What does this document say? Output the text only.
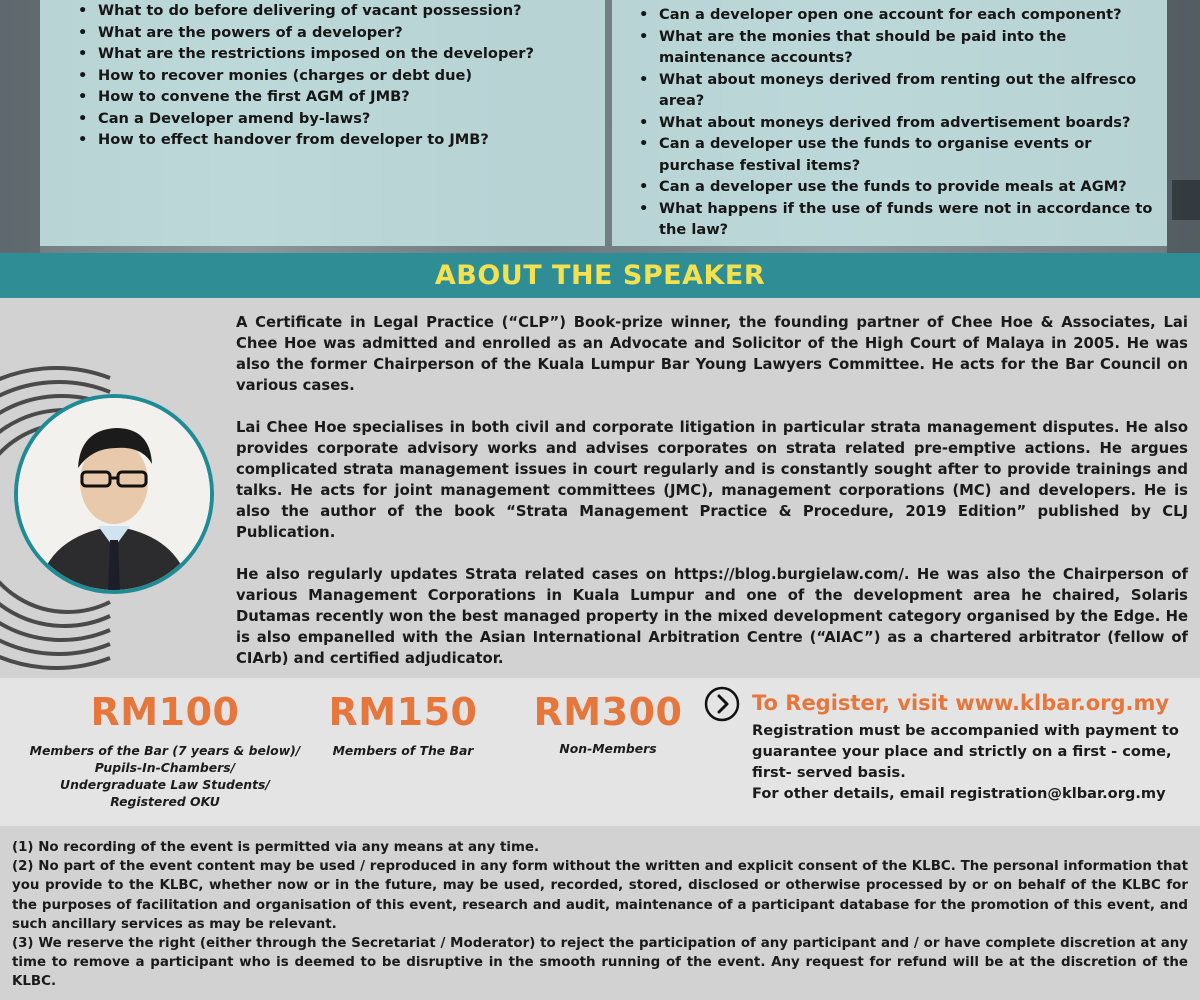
• What to do before delivering of vacant possession?
• What are the powers of a developer?
• What are the restrictions imposed on the developer?
• How to recover monies (charges or debt due)
• How to convene the first AGM of JMB?
• Can a Developer amend by-laws?
• How to effect handover from developer to JMB?
• Can a developer open one account for each component?
• What are the monies that should be paid into the maintenance accounts?
• What about moneys derived from renting out the alfresco area?
• What about moneys derived from advertisement boards?
• Can a developer use the funds to organise events or purchase festival items?
• Can a developer use the funds to provide meals at AGM?
• What happens if the use of funds were not in accordance to the law?
ABOUT THE SPEAKER

A Certificate in Legal Practice (“CLP”) Book-prize winner, the founding partner of Chee Hoe & Associates, Lai Chee Hoe was admitted and enrolled as an Advocate and Solicitor of the High Court of Malaya in 2005. He was also the former Chairperson of the Kuala Lumpur Bar Young Lawyers Committee. He acts for the Bar Council on various cases.

Lai Chee Hoe specialises in both civil and corporate litigation in particular strata management disputes. He also provides corporate advisory works and advises corporates on strata related pre-emptive actions. He argues complicated strata management issues in court regularly and is constantly sought after to provide trainings and talks. He acts for joint management committees (JMC), management corporations (MC) and developers. He is also the author of the book “Strata Management Practice & Procedure, 2019 Edition” published by CLJ Publication.

He also regularly updates Strata related cases on https://blog.burgielaw.com/. He was also the Chairperson of various Management Corporations in Kuala Lumpur and one of the development area he chaired, Solaris Dutamas recently won the best managed property in the mixed development category organised by the Edge. He is also empanelled with the Asian International Arbitration Centre (“AIAC”) as a chartered arbitrator (fellow of CIArb) and certified adjudicator.

RM100
Members of the Bar (7 years & below)/
Pupils-In-Chambers/
Undergraduate Law Students/
Registered OKU
RM150
Members of The Bar
RM300
Non-Members
To Register, visit www.klbar.org.my
Registration must be accompanied with payment to
guarantee your place and strictly on a first - come,
first- served basis.
For other details, email registration@klbar.org.my

(1) No recording of the event is permitted via any means at any time.

(2) No part of the event content may be used / reproduced in any form without the written and explicit consent of the KLBC. The personal information that you provide to the KLBC, whether now or in the future, may be used, recorded, stored, disclosed or otherwise processed by or on behalf of the KLBC for the purposes of facilitation and organisation of this event, research and audit, maintenance of a participant database for the promotion of this event, and such ancillary services as may be relevant.

(3) We reserve the right (either through the Secretariat / Moderator) to reject the participation of any participant and / or have complete discretion at any time to remove a participant who is deemed to be disruptive in the smooth running of the event. Any request for refund will be at the discretion of the KLBC.
